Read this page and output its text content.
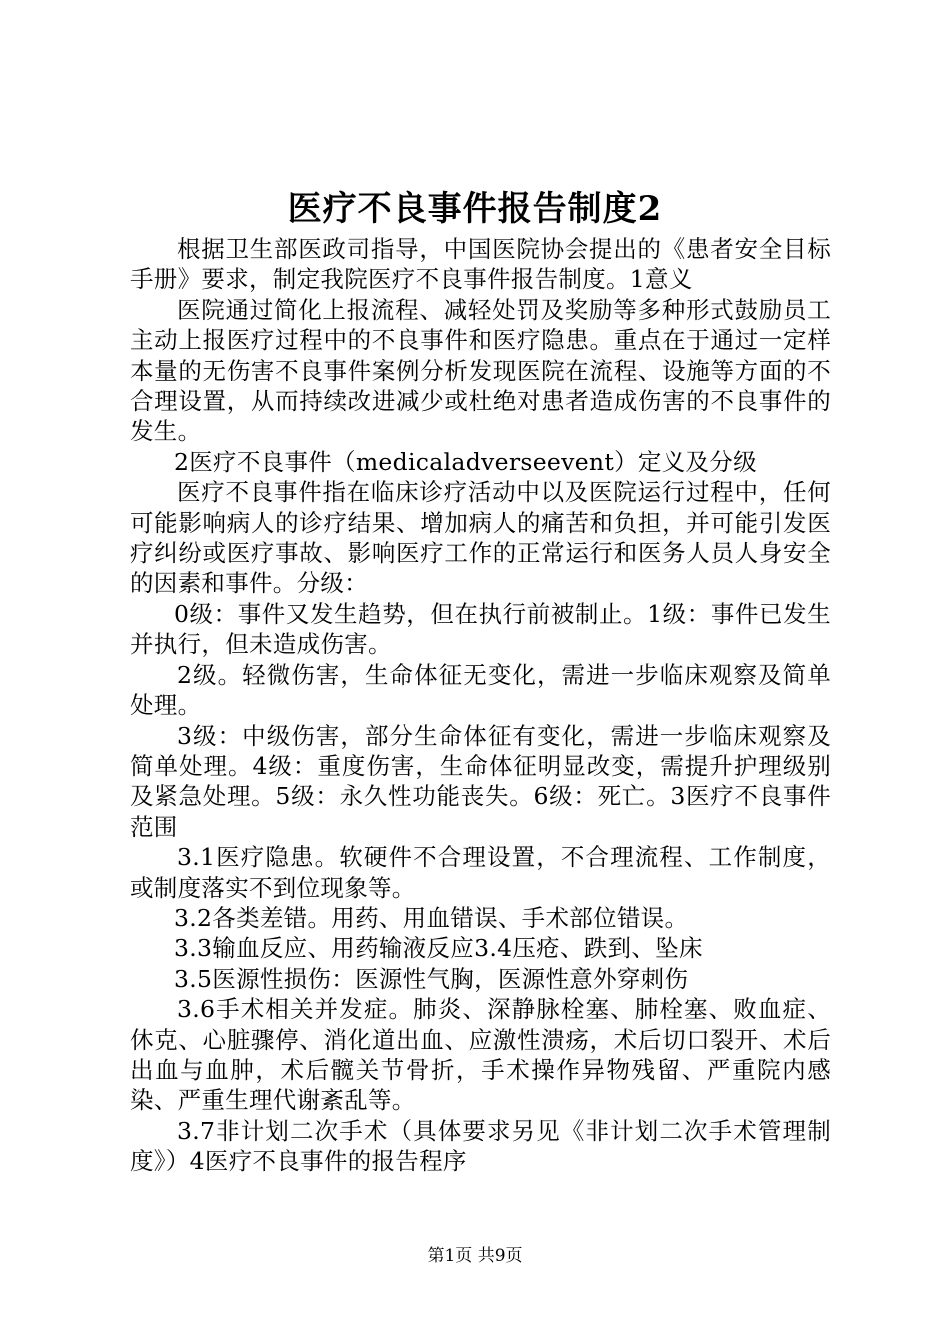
医疗不良事件报告制度2

根据卫生部医政司指导，中国医院协会提出的《患者安全目标手册》要求，制定我院医疗不良事件报告制度。1意义

医院通过简化上报流程、减轻处罚及奖励等多种形式鼓励员工主动上报医疗过程中的不良事件和医疗隐患。重点在于通过一定样本量的无伤害不良事件案例分析发现医院在流程、设施等方面的不合理设置，从而持续改进减少或杜绝对患者造成伤害的不良事件的发生。

2医疗不良事件（medicaladverseevent）定义及分级

医疗不良事件指在临床诊疗活动中以及医院运行过程中，任何可能影响病人的诊疗结果、增加病人的痛苦和负担，并可能引发医疗纠纷或医疗事故、影响医疗工作的正常运行和医务人员人身安全的因素和事件。分级：

0级：事件又发生趋势，但在执行前被制止。1级：事件已发生并执行，但未造成伤害。

2级。轻微伤害，生命体征无变化，需进一步临床观察及简单处理。

3级：中级伤害，部分生命体征有变化，需进一步临床观察及简单处理。4级：重度伤害，生命体征明显改变，需提升护理级别及紧急处理。5级：永久性功能丧失。6级：死亡。3医疗不良事件范围

3.1医疗隐患。软硬件不合理设置，不合理流程、工作制度，或制度落实不到位现象等。

3.2各类差错。用药、用血错误、手术部位错误。

3.3输血反应、用药输液反应3.4压疮、跌到、坠床

3.5医源性损伤：医源性气胸，医源性意外穿刺伤

3.6手术相关并发症。肺炎、深静脉栓塞、肺栓塞、败血症、休克、心脏骤停、消化道出血、应激性溃疡，术后切口裂开、术后出血与血肿，术后髋关节骨折，手术操作异物残留、严重院内感染、严重生理代谢紊乱等。

3.7非计划二次手术（具体要求另见《非计划二次手术管理制度》）4医疗不良事件的报告程序

第1页 共9页
